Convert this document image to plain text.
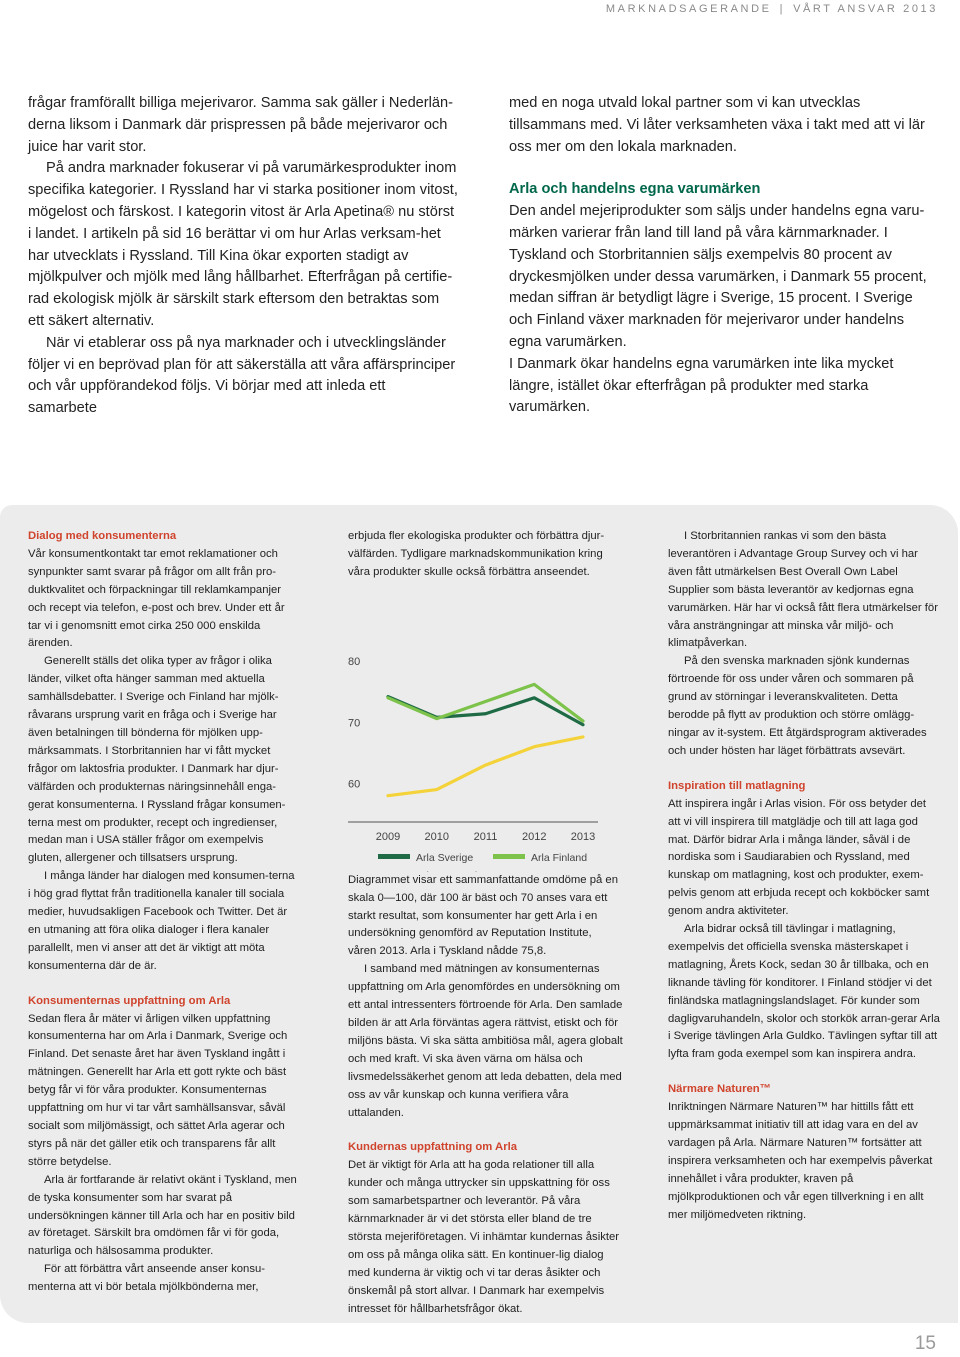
MARKNADSAGERANDE | VÅRT ANSVAR 2013

frågar framförallt billiga mejerivaror. Samma sak gäller i Nederlän-derna liksom i Danmark där prispressen på både mejerivaror och juice har varit stor.

På andra marknader fokuserar vi på varumärkesprodukter inom specifika kategorier. I Ryssland har vi starka positioner inom vitost, mögelost och färskost. I kategorin vitost är Arla Apetina® nu störst i landet. I artikeln på sid 16 berättar vi om hur Arlas verksam-het har utvecklats i Ryssland. Till Kina ökar exporten stadigt av mjölkpulver och mjölk med lång hållbarhet. Efterfrågan på certifie-rad ekologisk mjölk är särskilt stark eftersom den betraktas som ett säkert alternativ.

När vi etablerar oss på nya marknader och i utvecklingsländer följer vi en beprövad plan för att säkerställa att våra affärsprinciper och vår uppförandekod följs. Vi börjar med att inleda ett samarbete

med en noga utvald lokal partner som vi kan utvecklas tillsammans med. Vi låter verksamheten växa i takt med att vi lär oss mer om den lokala marknaden.

Arla och handelns egna varumärken

Den andel mejeriprodukter som säljs under handelns egna varu-märken varierar från land till land på våra kärnmarknader. I Tyskland och Storbritannien säljs exempelvis 80 procent av dryckesmjölken under dessa varumärken, i Danmark 55 procent, medan siffran är betydligt lägre i Sverige, 15 procent. I Sverige och Finland växer marknaden för mejerivaror under handelns egna varumärken.

I Danmark ökar handelns egna varumärken inte lika mycket längre, istället ökar efterfrågan på produkter med starka varumärken.

Dialog med konsumenterna

Vår konsumentkontakt tar emot reklamationer och synpunkter samt svarar på frågor om allt från pro-duktkvalitet och förpackningar till reklamkampanjer och recept via telefon, e-post och brev. Under ett år tar vi i genomsnitt emot cirka 250 000 enskilda ärenden.

Generellt ställs det olika typer av frågor i olika länder, vilket ofta hänger samman med aktuella samhällsdebatter. I Sverige och Finland har mjölk-råvarans ursprung varit en fråga och i Sverige har även betalningen till bönderna för mjölken upp-märksammats. I Storbritannien har vi fått mycket frågor om laktosfria produkter. I Danmark har djur-välfärden och produkternas näringsinnehåll enga-gerat konsumenterna. I Ryssland frågar konsumen-terna mest om produkter, recept och ingredienser, medan man i USA ställer frågor om exempelvis gluten, allergener och tillsatsers ursprung.

I många länder har dialogen med konsumen-terna i hög grad flyttat från traditionella kanaler till sociala medier, huvudsakligen Facebook och Twitter. Det är en utmaning att föra olika dialoger i flera kanaler parallellt, men vi anser att det är viktigt att möta konsumenterna där de är.

Konsumenternas uppfattning om Arla

Sedan flera år mäter vi årligen vilken uppfattning konsumenterna har om Arla i Danmark, Sverige och Finland. Det senaste året har även Tyskland ingått i mätningen. Generellt har Arla ett gott rykte och bäst betyg får vi för våra produkter. Konsumenternas uppfattning om hur vi tar vårt samhällsansvar, såväl socialt som miljömässigt, och sättet Arla agerar och styrs på när det gäller etik och transparens får allt större betydelse.

Arla är fortfarande är relativt okänt i Tyskland, men de tyska konsumenter som har svarat på undersökningen känner till Arla och har en positiv bild av företaget. Särskilt bra omdömen får vi för goda, naturliga och hälsosamma produkter.

För att förbättra vårt anseende anser konsu-menterna att vi bör betala mjölkbönderna mer,

erbjuda fler ekologiska produkter och förbättra djur-välfärden. Tydligare marknadskommunikation kring våra produkter skulle också förbättra anseendet.

60
70
80
2009 2010 2011 2012 2013
Arla Sverige	Arla Finland

Diagrammet visar ett sammanfattande omdöme på en skala 0—100, där 100 är bäst och 70 anses vara ett starkt resultat, som konsumenter har gett Arla i en undersökning genomförd av Reputation Institute, våren 2013. Arla i Tyskland nådde 75,8.

I samband med mätningen av konsumenternas uppfattning om Arla genomfördes en undersökning om ett antal intressenters förtroende för Arla. Den samlade bilden är att Arla förväntas agera rättvist, etiskt och för miljöns bästa. Vi ska sätta ambitiösa mål, agera globalt och med kraft. Vi ska även värna om hälsa och livsmedelssäkerhet genom att leda debatten, dela med oss av vår kunskap och kunna verifiera våra uttalanden.

Kundernas uppfattning om Arla

Det är viktigt för Arla att ha goda relationer till alla kunder och många uttrycker sin uppskattning för oss som samarbetspartner och leverantör. På våra kärnmarknader är vi det största eller bland de tre största mejeriföretagen. Vi inhämtar kundernas åsikter om oss på många olika sätt. En kontinuer-lig dialog med kunderna är viktig och vi tar deras åsikter och önskemål på stort allvar. I Danmark har exempelvis intresset för hållbarhetsfrågor ökat.

I Storbritannien rankas vi som den bästa leverantören i Advantage Group Survey och vi har även fått utmärkelsen Best Overall Own Label Supplier som bästa leverantör av kedjornas egna varumärken. Här har vi också fått flera utmärkelser för våra ansträngningar att minska vår miljö- och klimatpåverkan.

På den svenska marknaden sjönk kundernas förtroende för oss under våren och sommaren på grund av störningar i leveranskvaliteten. Detta berodde på flytt av produktion och större omlägg-ningar av it-system. Ett åtgärdsprogram aktiverades och under hösten har läget förbättrats avsevärt.

Inspiration till matlagning

Att inspirera ingår i Arlas vision. För oss betyder det att vi vill inspirera till matglädje och till att laga god mat. Därför bidrar Arla i många länder, såväl i de nordiska som i Saudiarabien och Ryssland, med kunskap om matlagning, kost och produkter, exem-pelvis genom att erbjuda recept och kokböcker samt genom andra aktiviteter.

Arla bidrar också till tävlingar i matlagning, exempelvis det officiella svenska mästerskapet i matlagning, Årets Kock, sedan 30 år tillbaka, och en liknande tävling för konditorer. I Finland stödjer vi det finländska matlagningslandslaget. För kunder som dagligvaruhandeln, skolor och storkök arran-gerar Arla i Sverige tävlingen Arla Guldko. Tävlingen syftar till att lyfta fram goda exempel som kan inspirera andra.

Närmare Naturen™

Inriktningen Närmare Naturen™ har hittills fått ett uppmärksammat initiativ till att idag vara en del av vardagen på Arla. Närmare Naturen™ fortsätter att inspirera verksamheten och har exempelvis påverkat innehållet i våra produkter, kraven på mjölkproduktionen och vår egen tillverkning i en allt mer miljömedveten riktning.

15
